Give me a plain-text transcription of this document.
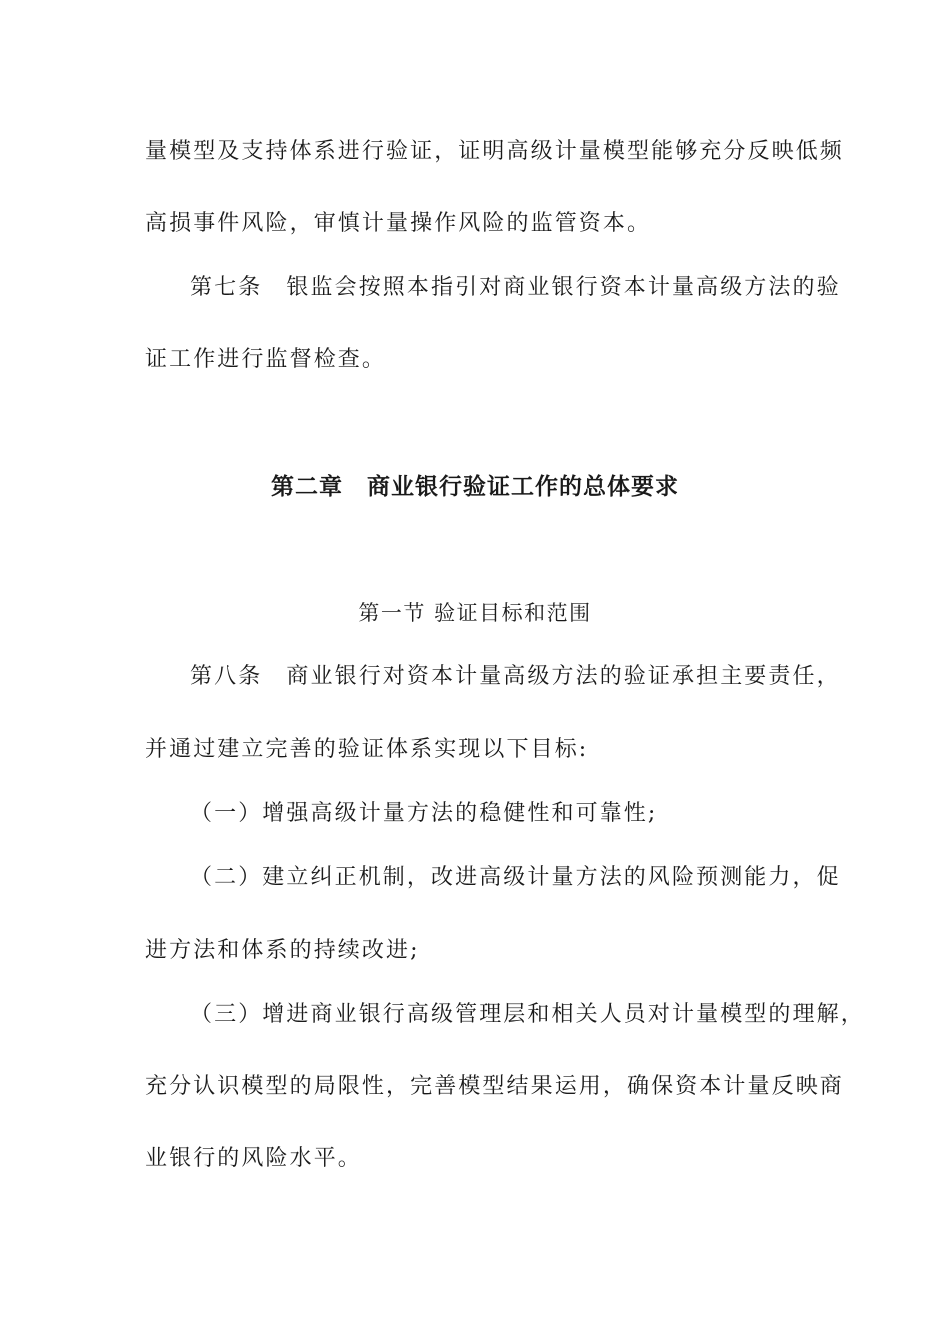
量模型及支持体系进行验证，证明高级计量模型能够充分反映低频
高损事件风险，审慎计量操作风险的监管资本。
第七条　银监会按照本指引对商业银行资本计量高级方法的验
证工作进行监督检查。
第二章　商业银行验证工作的总体要求
第一节 验证目标和范围
第八条　商业银行对资本计量高级方法的验证承担主要责任，
并通过建立完善的验证体系实现以下目标:
（一）增强高级计量方法的稳健性和可靠性;
（二）建立纠正机制，改进高级计量方法的风险预测能力，促
进方法和体系的持续改进;
（三）增进商业银行高级管理层和相关人员对计量模型的理解，
充分认识模型的局限性，完善模型结果运用，确保资本计量反映商
业银行的风险水平。
